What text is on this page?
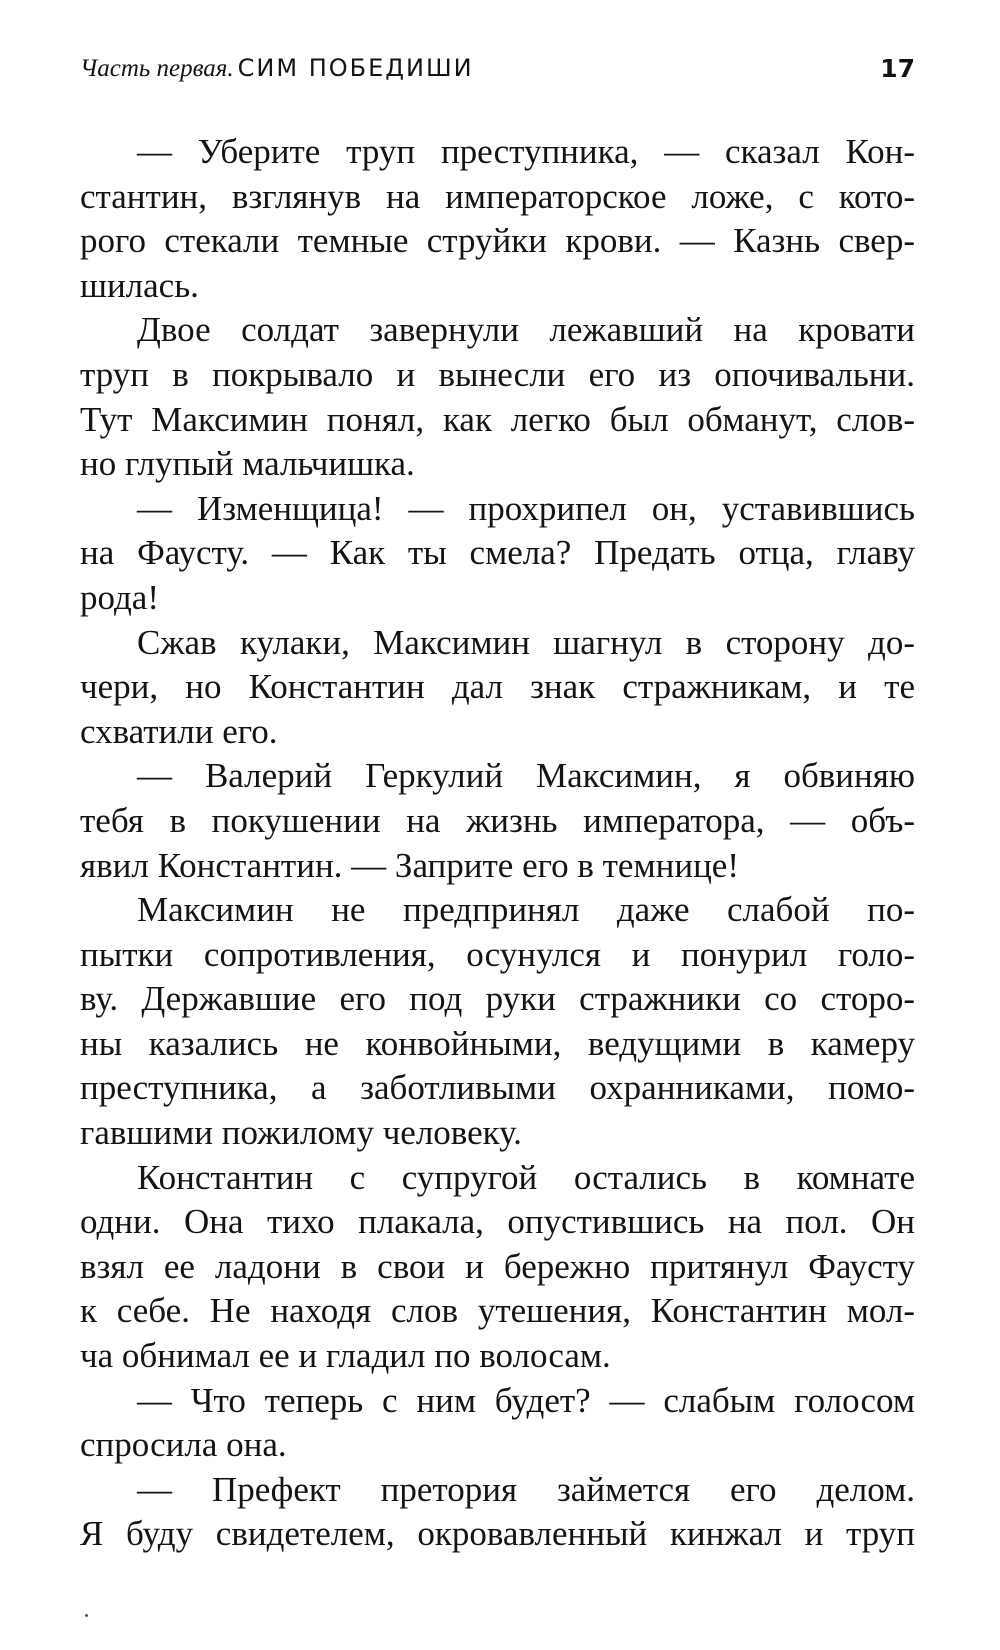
Часть первая. СИМ ПОБЕДИШИ	17
— Уберите труп преступника, — сказал Кон-
стантин, взглянув на императорское ложе, с кото-
рого стекали темные струйки крови. — Казнь свер-
шилась.
Двое солдат завернули лежавший на кровати
труп в покрывало и вынесли его из опочивальни.
Тут Максимин понял, как легко был обманут, слов-
но глупый мальчишка.
— Изменщица! — прохрипел он, уставившись
на Фаусту. — Как ты смела? Предать отца, главу
рода!
Сжав кулаки, Максимин шагнул в сторону до-
чери, но Константин дал знак стражникам, и те
схватили его.
— Валерий Геркулий Максимин, я обвиняю
тебя в покушении на жизнь императора, — объ-
явил Константин. — Заприте его в темнице!
Максимин не предпринял даже слабой по-
пытки сопротивления, осунулся и понурил голо-
ву. Державшие его под руки стражники со сторо-
ны казались не конвойными, ведущими в камеру
преступника, а заботливыми охранниками, помо-
гавшими пожилому человеку.
Константин с супругой остались в комнате
одни. Она тихо плакала, опустившись на пол. Он
взял ее ладони в свои и бережно притянул Фаусту
к себе. Не находя слов утешения, Константин мол-
ча обнимал ее и гладил по волосам.
— Что теперь с ним будет? — слабым голосом
спросила она.
— Префект претория займется его делом.
Я буду свидетелем, окровавленный кинжал и труп
